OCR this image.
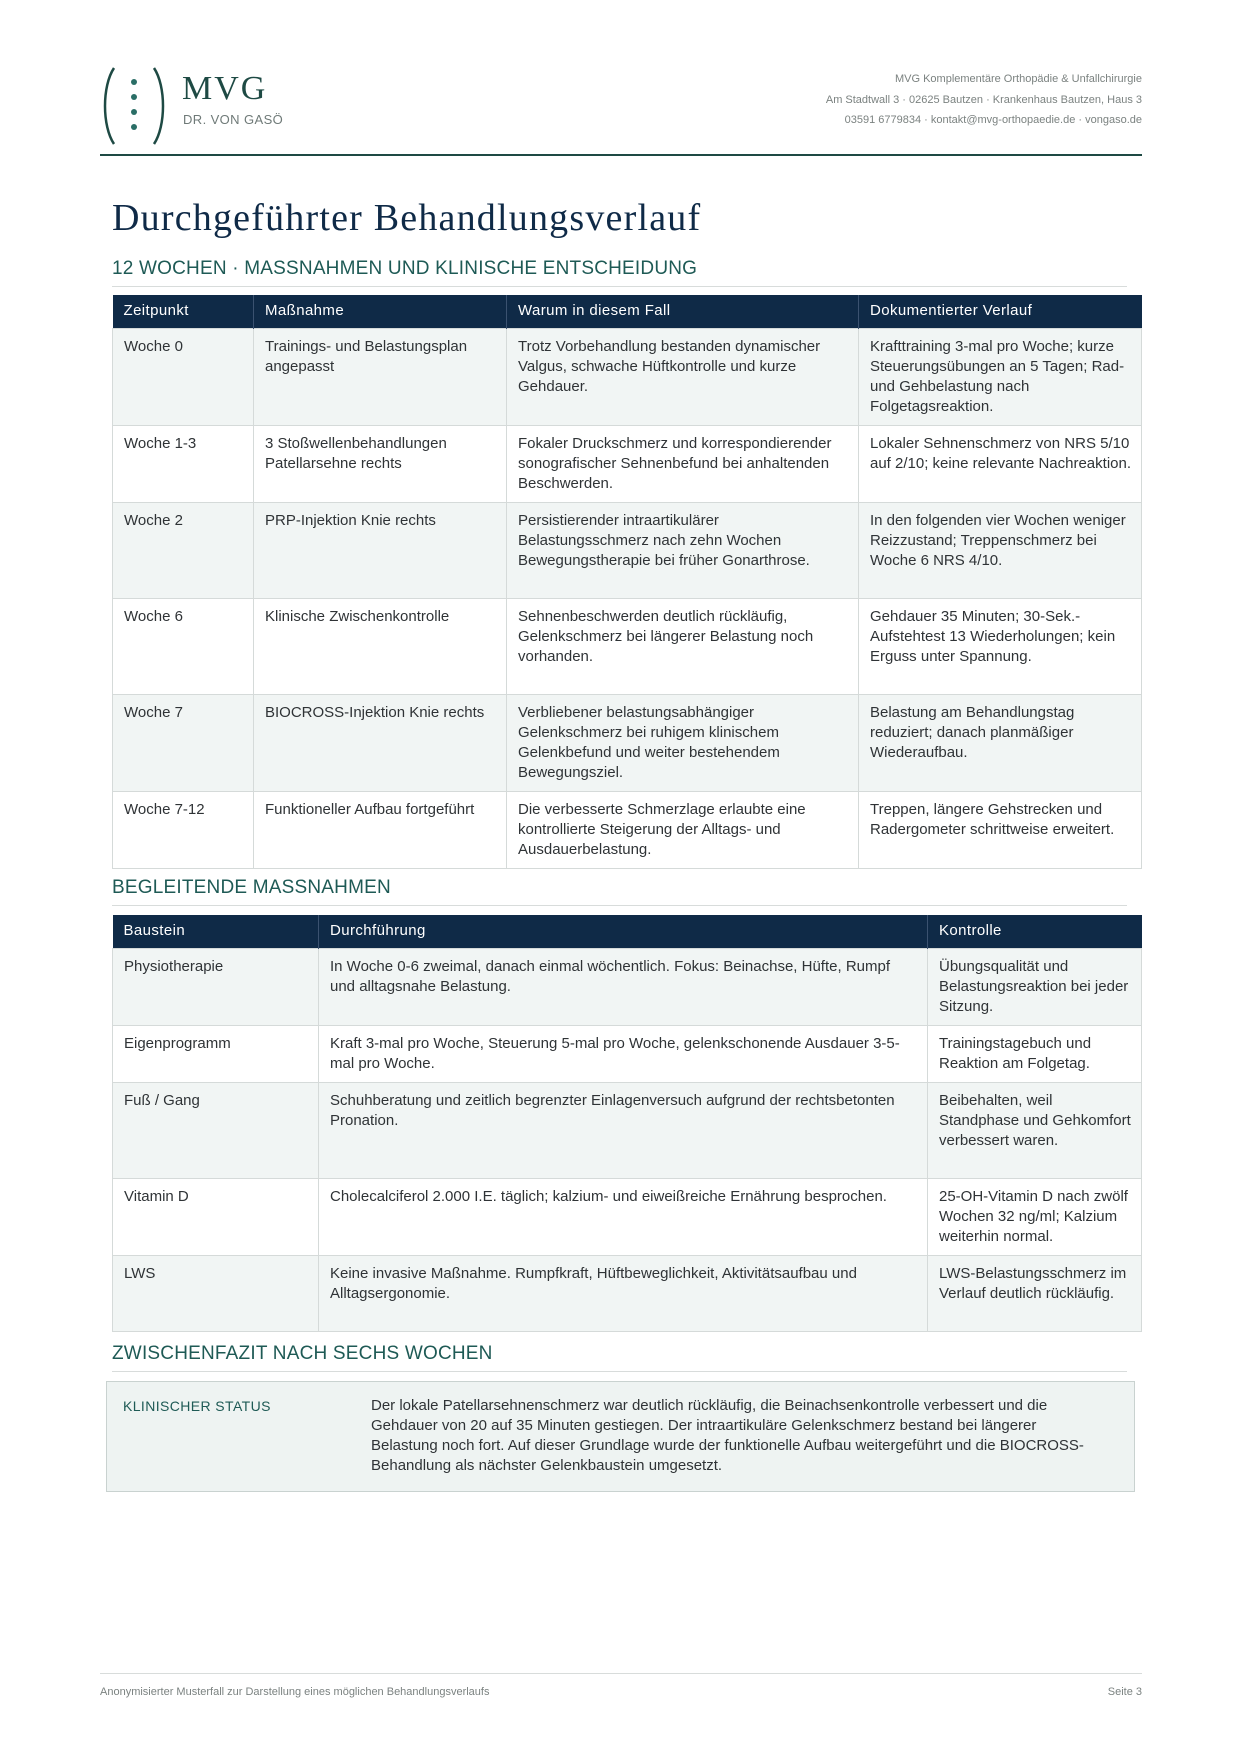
MVG
DR. VON GASÖ
MVG Komplementäre Orthopädie & Unfallchirurgie
Am Stadtwall 3 · 02625 Bautzen · Krankenhaus Bautzen, Haus 3
03591 6779834 · kontakt@mvg-orthopaedie.de · vongaso.de
Durchgeführter Behandlungsverlauf
12 WOCHEN · MASSNAHMEN UND KLINISCHE ENTSCHEIDUNG
Zeitpunkt	Maßnahme	Warum in diesem Fall	Dokumentierter Verlauf
Woche 0	Trainings- und Belastungsplan angepasst	Trotz Vorbehandlung bestanden dynamischer Valgus, schwache Hüftkontrolle und kurze Gehdauer.	Krafttraining 3-mal pro Woche; kurze Steuerungsübungen an 5 Tagen; Rad- und Gehbelastung nach Folgetagsreaktion.
Woche 1-3	3 Stoßwellenbehandlungen Patellarsehne rechts	Fokaler Druckschmerz und korrespondierender sonografischer Sehnenbefund bei anhaltenden Beschwerden.	Lokaler Sehnenschmerz von NRS 5/10 auf 2/10; keine relevante Nachreaktion.
Woche 2	PRP-Injektion Knie rechts	Persistierender intraartikulärer Belastungsschmerz nach zehn Wochen Bewegungstherapie bei früher Gonarthrose.	In den folgenden vier Wochen weniger Reizzustand; Treppenschmerz bei Woche 6 NRS 4/10.
Woche 6	Klinische Zwischenkontrolle	Sehnenbeschwerden deutlich rückläufig, Gelenkschmerz bei längerer Belastung noch vorhanden.	Gehdauer 35 Minuten; 30-Sek.-Aufstehtest 13 Wiederholungen; kein Erguss unter Spannung.
Woche 7	BIOCROSS-Injektion Knie rechts	Verbliebener belastungsabhängiger Gelenkschmerz bei ruhigem klinischem Gelenkbefund und weiter bestehendem Bewegungsziel.	Belastung am Behandlungstag reduziert; danach planmäßiger Wiederaufbau.
Woche 7-12	Funktioneller Aufbau fortgeführt	Die verbesserte Schmerzlage erlaubte eine kontrollierte Steigerung der Alltags- und Ausdauerbelastung.	Treppen, längere Gehstrecken und Radergometer schrittweise erweitert.
BEGLEITENDE MASSNAHMEN
Baustein	Durchführung	Kontrolle
Physiotherapie	In Woche 0-6 zweimal, danach einmal wöchentlich. Fokus: Beinachse, Hüfte, Rumpf und alltagsnahe Belastung.	Übungsqualität und Belastungsreaktion bei jeder Sitzung.
Eigenprogramm	Kraft 3-mal pro Woche, Steuerung 5-mal pro Woche, gelenkschonende Ausdauer 3-5-mal pro Woche.	Trainingstagebuch und Reaktion am Folgetag.
Fuß / Gang	Schuhberatung und zeitlich begrenzter Einlagenversuch aufgrund der rechtsbetonten Pronation.	Beibehalten, weil Standphase und Gehkomfort verbessert waren.
Vitamin D	Cholecalciferol 2.000 I.E. täglich; kalzium- und eiweißreiche Ernährung besprochen.	25-OH-Vitamin D nach zwölf Wochen 32 ng/ml; Kalzium weiterhin normal.
LWS	Keine invasive Maßnahme. Rumpfkraft, Hüftbeweglichkeit, Aktivitätsaufbau und Alltagsergonomie.	LWS-Belastungsschmerz im Verlauf deutlich rückläufig.
ZWISCHENFAZIT NACH SECHS WOCHEN
KLINISCHER STATUS	Der lokale Patellarsehnenschmerz war deutlich rückläufig, die Beinachsenkontrolle verbessert und die Gehdauer von 20 auf 35 Minuten gestiegen. Der intraartikuläre Gelenkschmerz bestand bei längerer Belastung noch fort. Auf dieser Grundlage wurde der funktionelle Aufbau weitergeführt und die BIOCROSS-Behandlung als nächster Gelenkbaustein umgesetzt.
Anonymisierter Musterfall zur Darstellung eines möglichen Behandlungsverlaufs	Seite 3
